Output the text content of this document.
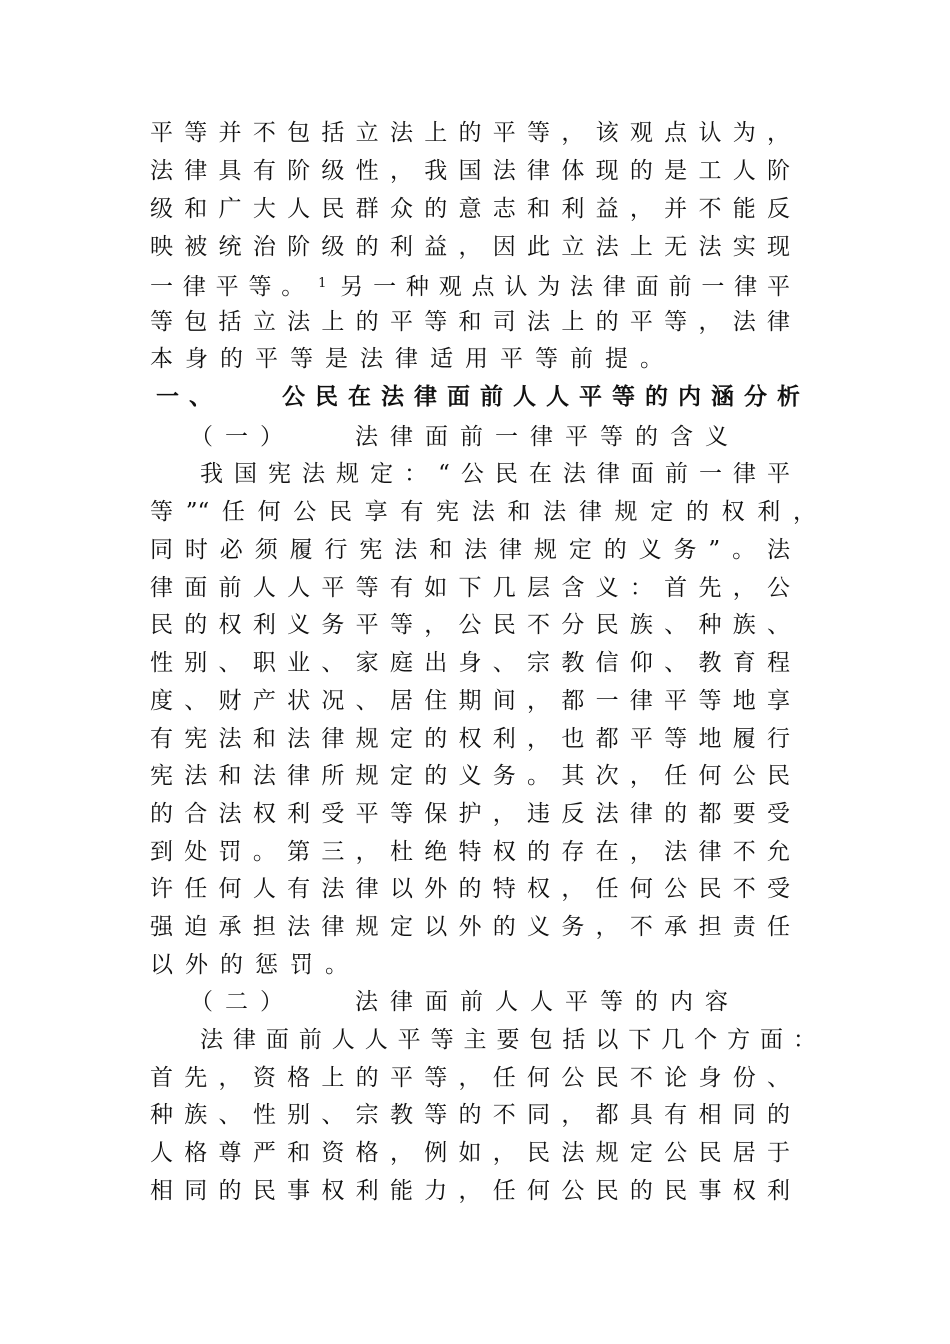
平等并不包括立法上的平等，该观点认为，
法律具有阶级性，我国法律体现的是工人阶
级和广大人民群众的意志和利益，并不能反
映被统治阶级的利益，因此立法上无法实现
一律平等。 $^1$ 另一种观点认为法律面前一律平
等包括立法上的平等和司法上的平等，法律
本身的平等是法律适用平等前提。
一、	公民在法律面前人人平等的内涵分析
（一）	法律面前一律平等的含义
我国宪法规定：“公民在法律面前一律平
等”“任何公民享有宪法和法律规定的权利，
同时必须履行宪法和法律规定的义务”。法
律面前人人平等有如下几层含义：首先，公
民的权利义务平等，公民不分民族、种族、
性别、职业、家庭出身、宗教信仰、教育程
度、财产状况、居住期间，都一律平等地享
有宪法和法律规定的权利，也都平等地履行
宪法和法律所规定的义务。其次，任何公民
的合法权利受平等保护，违反法律的都要受
到处罚。第三，杜绝特权的存在，法律不允
许任何人有法律以外的特权，任何公民不受
强迫承担法律规定以外的义务，不承担责任
以外的惩罚。
（二）	法律面前人人平等的内容
法律面前人人平等主要包括以下几个方面：
首先，资格上的平等，任何公民不论身份、
种族、性别、宗教等的不同，都具有相同的
人格尊严和资格，例如，民法规定公民居于
相同的民事权利能力，任何公民的民事权利
